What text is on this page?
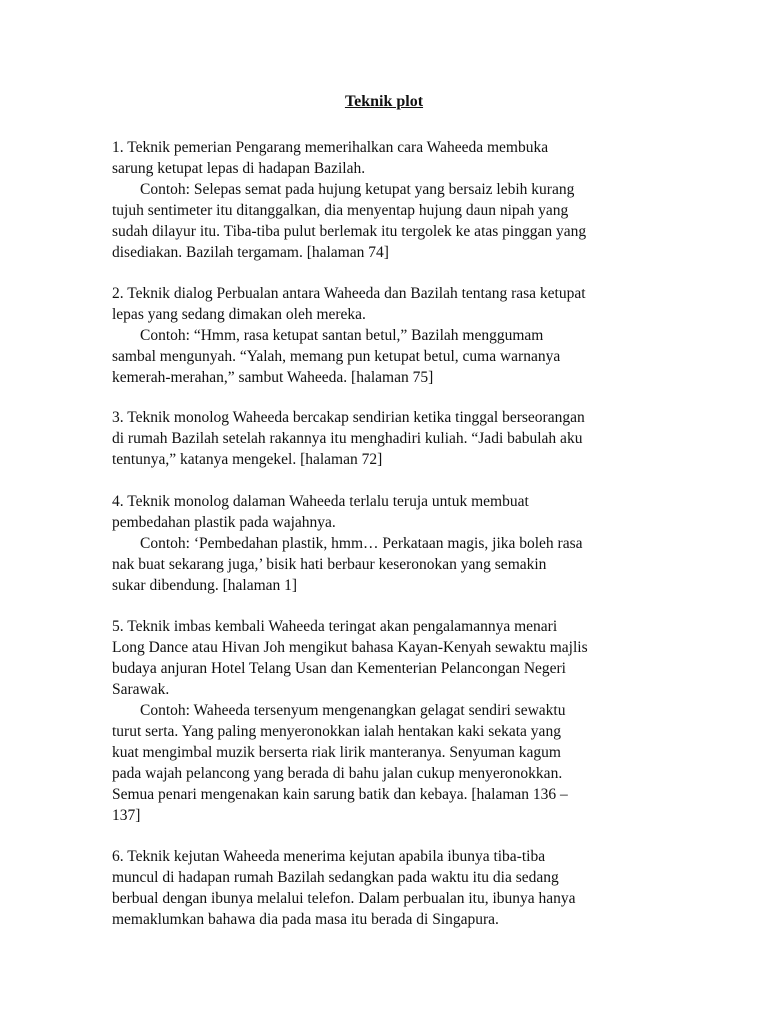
Teknik plot

1. Teknik pemerian Pengarang memerihalkan cara Waheeda membuka

sarung ketupat lepas di hadapan Bazilah.

Contoh: Selepas semat pada hujung ketupat yang bersaiz lebih kurang

tujuh sentimeter itu ditanggalkan, dia menyentap hujung daun nipah yang

sudah dilayur itu. Tiba-tiba pulut berlemak itu tergolek ke atas pinggan yang

disediakan. Bazilah tergamam. [halaman 74]

2. Teknik dialog Perbualan antara Waheeda dan Bazilah tentang rasa ketupat

lepas yang sedang dimakan oleh mereka.

Contoh: “Hmm, rasa ketupat santan betul,” Bazilah menggumam

sambal mengunyah. “Yalah, memang pun ketupat betul, cuma warnanya

kemerah-merahan,” sambut Waheeda. [halaman 75]

3. Teknik monolog Waheeda bercakap sendirian ketika tinggal berseorangan

di rumah Bazilah setelah rakannya itu menghadiri kuliah. “Jadi babulah aku

tentunya,” katanya mengekel. [halaman 72]

4. Teknik monolog dalaman Waheeda terlalu teruja untuk membuat

pembedahan plastik pada wajahnya.

Contoh: ‘Pembedahan plastik, hmm… Perkataan magis, jika boleh rasa

nak buat sekarang juga,’ bisik hati berbaur keseronokan yang semakin

sukar dibendung. [halaman 1]

5. Teknik imbas kembali Waheeda teringat akan pengalamannya menari

Long Dance atau Hivan Joh mengikut bahasa Kayan-Kenyah sewaktu majlis

budaya anjuran Hotel Telang Usan dan Kementerian Pelancongan Negeri

Sarawak.

Contoh: Waheeda tersenyum mengenangkan gelagat sendiri sewaktu

turut serta. Yang paling menyeronokkan ialah hentakan kaki sekata yang

kuat mengimbal muzik berserta riak lirik manteranya. Senyuman kagum

pada wajah pelancong yang berada di bahu jalan cukup menyeronokkan.

Semua penari mengenakan kain sarung batik dan kebaya. [halaman 136 –

137]

6. Teknik kejutan Waheeda menerima kejutan apabila ibunya tiba-tiba

muncul di hadapan rumah Bazilah sedangkan pada waktu itu dia sedang

berbual dengan ibunya melalui telefon. Dalam perbualan itu, ibunya hanya

memaklumkan bahawa dia pada masa itu berada di Singapura.
